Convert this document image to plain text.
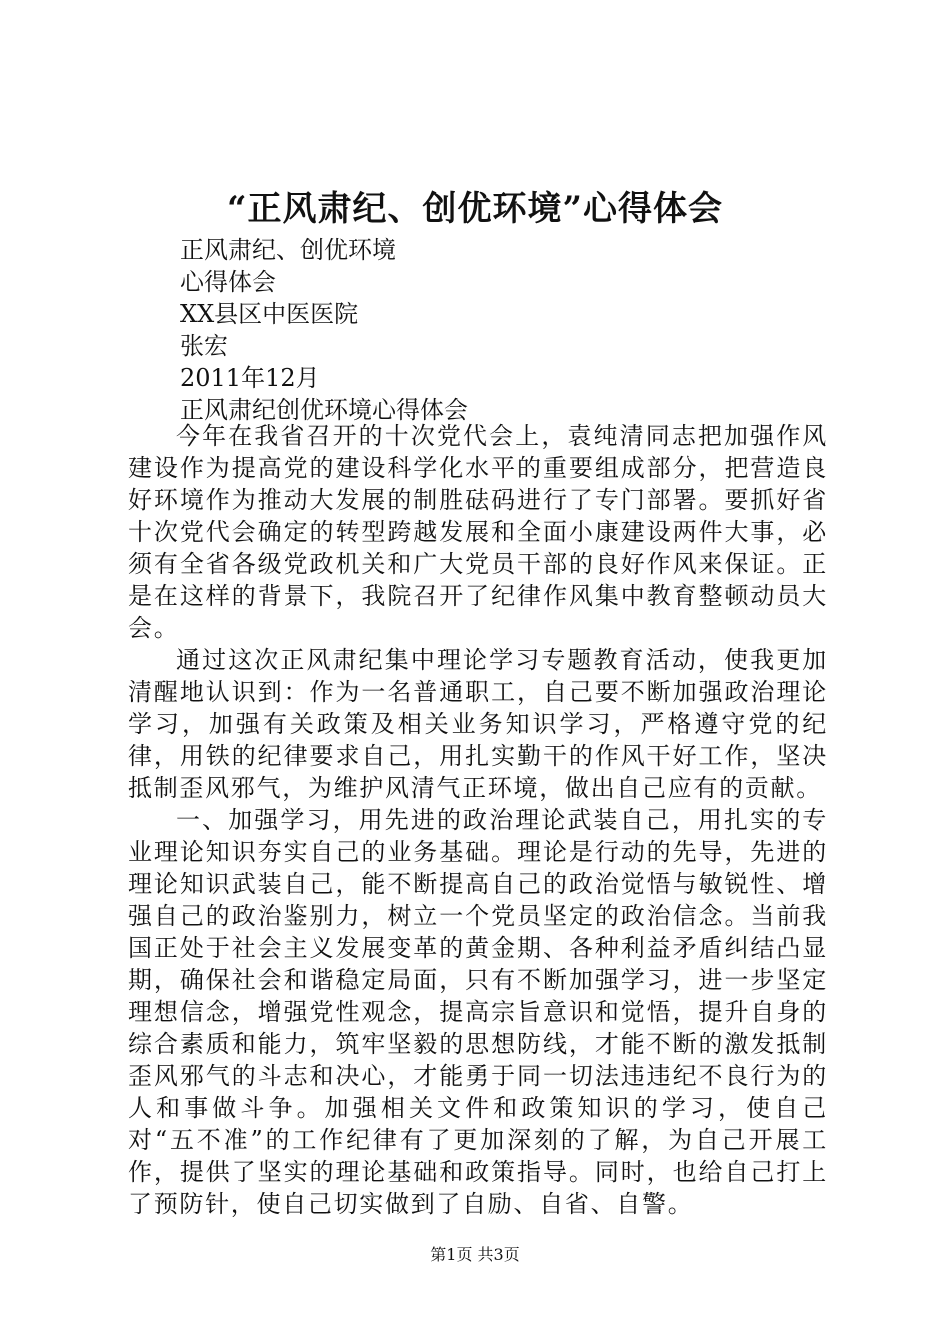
“正风肃纪、创优环境”心得体会
正风肃纪、创优环境
心得体会
XX县区中医医院
张宏
2011年12月
正风肃纪创优环境心得体会

今年在我省召开的十次党代会上，袁纯清同志把加强作风建设作为提高党的建设科学化水平的重要组成部分，把营造良好环境作为推动大发展的制胜砝码进行了专门部署。要抓好省十次党代会确定的转型跨越发展和全面小康建设两件大事，必须有全省各级党政机关和广大党员干部的良好作风来保证。正是在这样的背景下，我院召开了纪律作风集中教育整顿动员大会。

通过这次正风肃纪集中理论学习专题教育活动，使我更加清醒地认识到：作为一名普通职工，自己要不断加强政治理论学习，加强有关政策及相关业务知识学习，严格遵守党的纪律，用铁的纪律要求自己，用扎实勤干的作风干好工作，坚决抵制歪风邪气，为维护风清气正环境，做出自己应有的贡献。

一、加强学习，用先进的政治理论武装自己，用扎实的专业理论知识夯实自己的业务基础。理论是行动的先导，先进的理论知识武装自己，能不断提高自己的政治觉悟与敏锐性、增强自己的政治鉴别力，树立一个党员坚定的政治信念。当前我国正处于社会主义发展变革的黄金期、各种利益矛盾纠结凸显期，确保社会和谐稳定局面，只有不断加强学习，进一步坚定理想信念，增强党性观念，提高宗旨意识和觉悟，提升自身的综合素质和能力，筑牢坚毅的思想防线，才能不断的激发抵制歪风邪气的斗志和决心，才能勇于同一切法违违纪不良行为的人和事做斗争。加强相关文件和政策知识的学习，使自己对“五不准”的工作纪律有了更加深刻的了解，为自己开展工作，提供了坚实的理论基础和政策指导。同时，也给自己打上了预防针，使自己切实做到了自励、自省、自警。

第1页 共3页
